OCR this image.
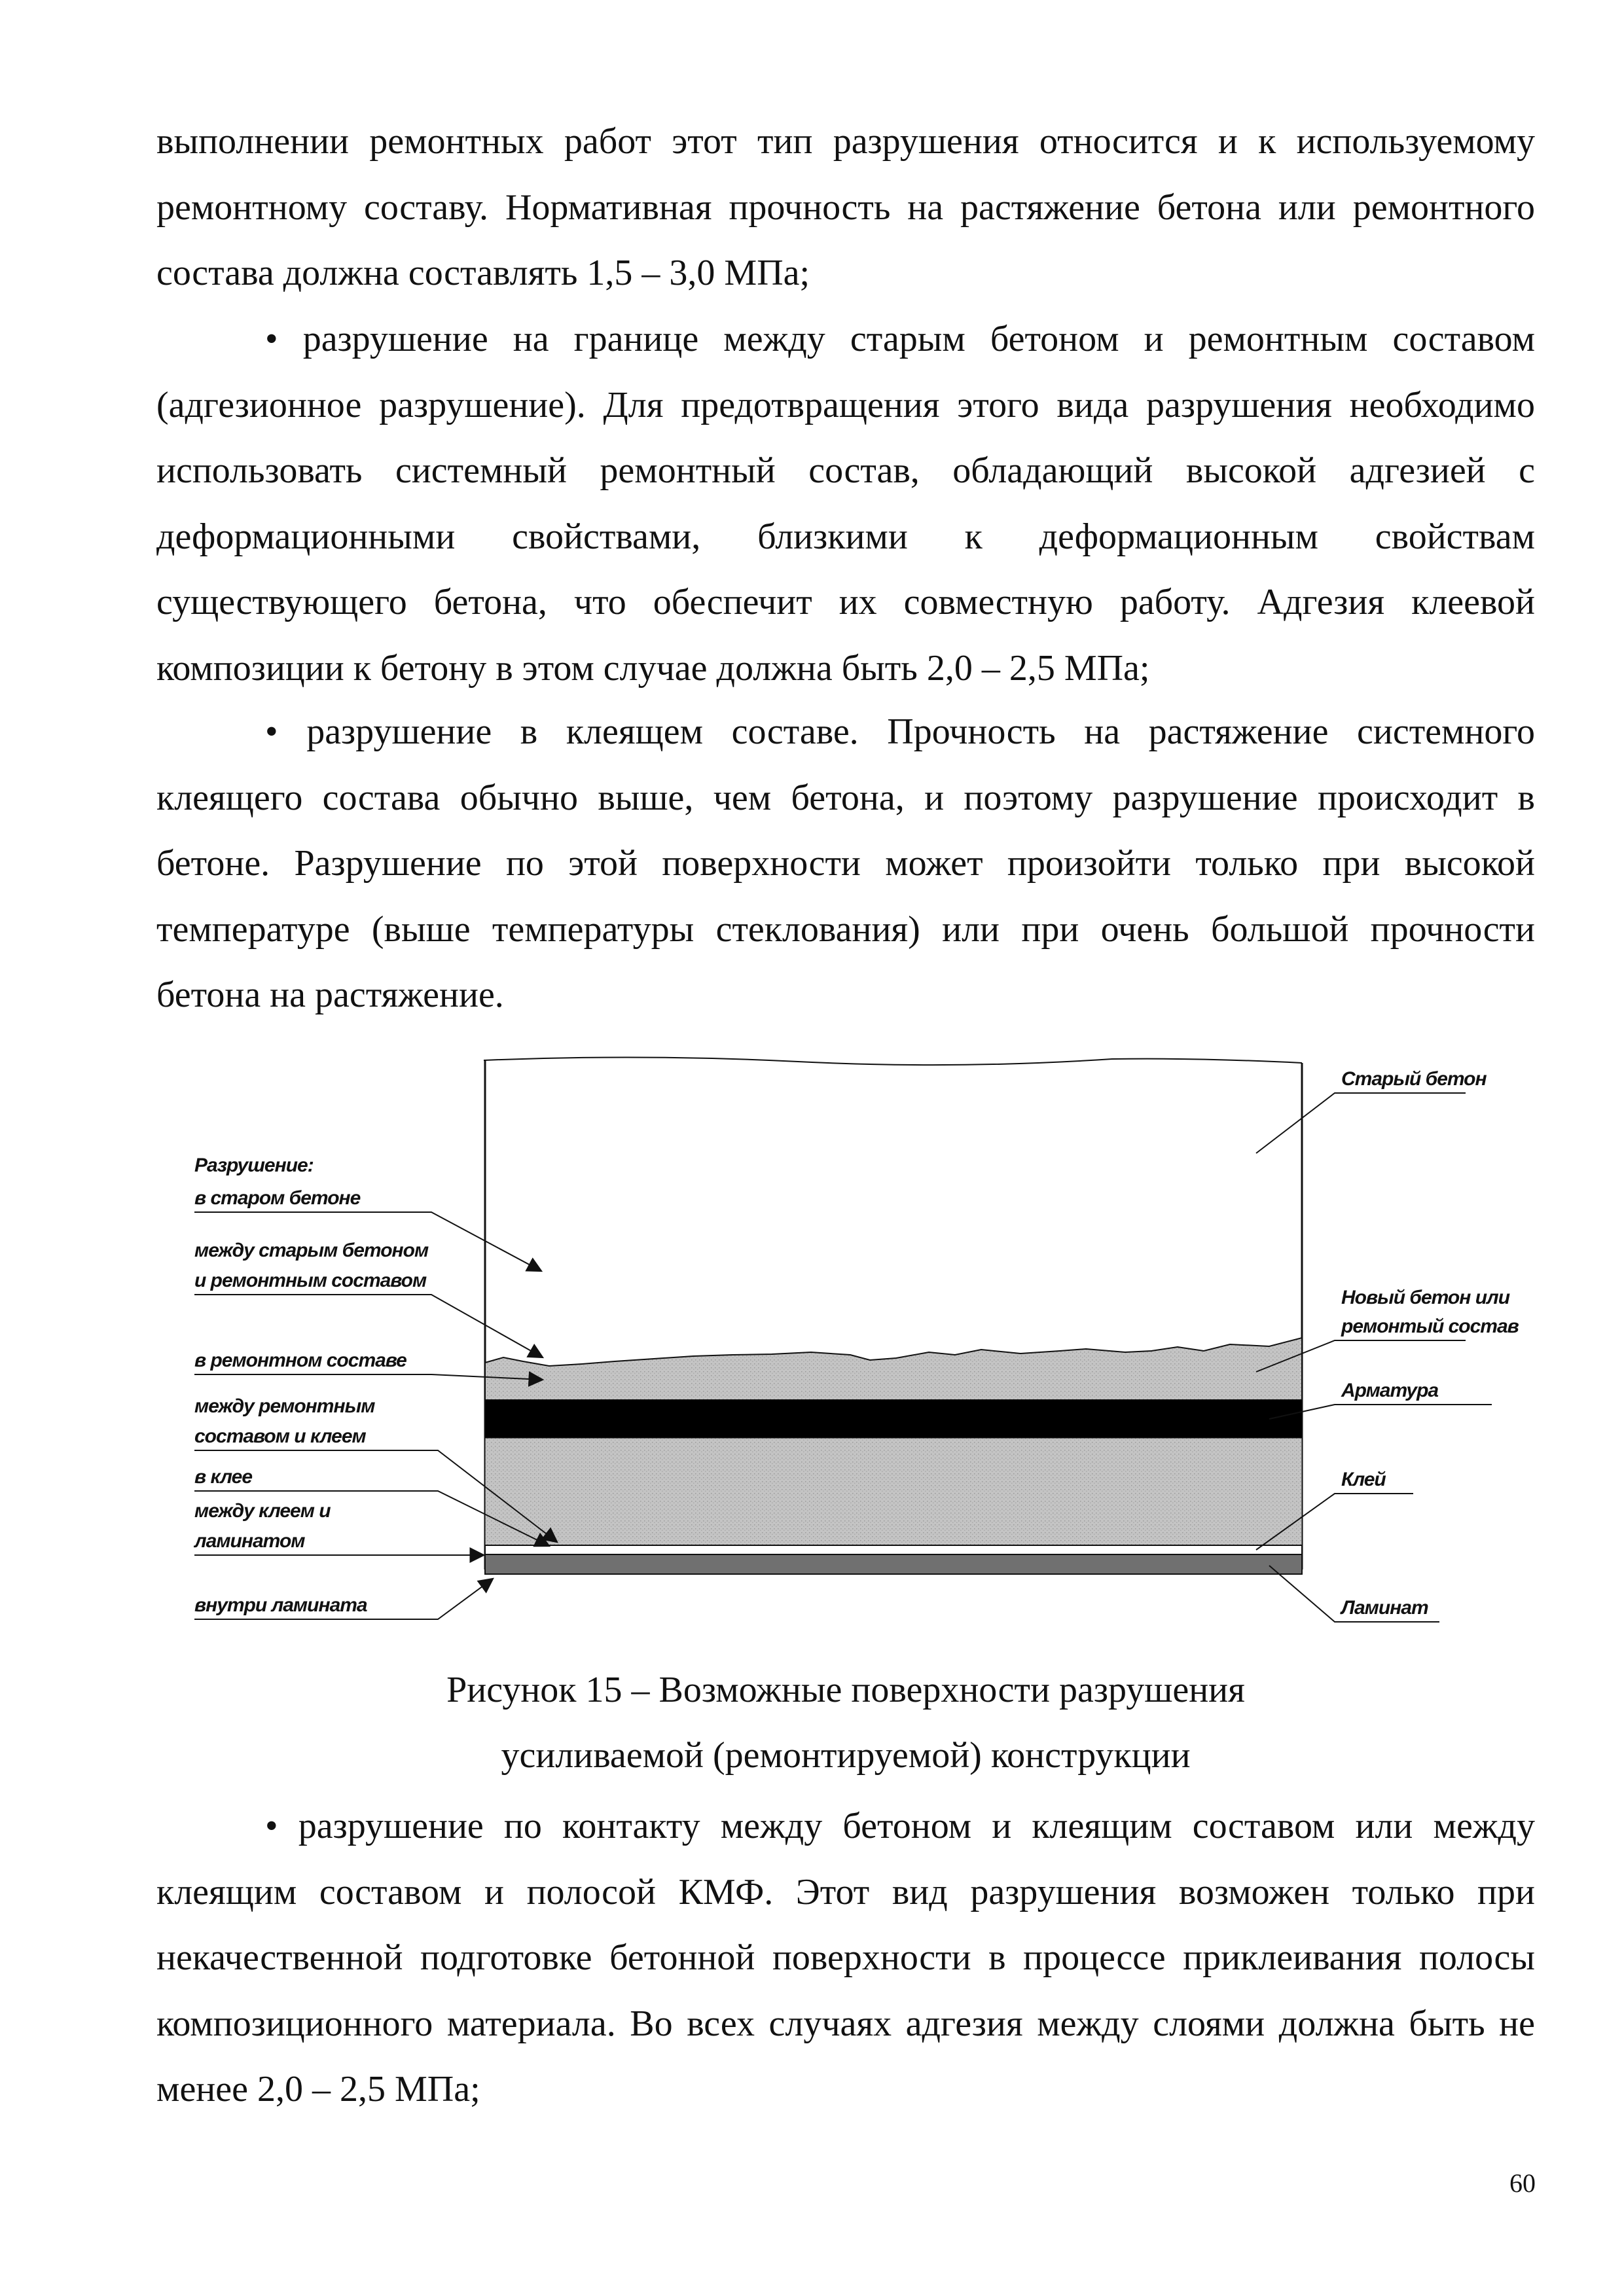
выполнении ремонтных работ этот тип разрушения относится и к используемому ремонтному составу. Нормативная прочность на растяжение бетона или ремонтного состава должна составлять 1,5 – 3,0 МПа;

• разрушение на границе между старым бетоном и ремонтным составом (адгезионное разрушение). Для предотвращения этого вида разрушения необходимо использовать системный ремонтный состав, обладающий высокой адгезией с деформационными свойствами, близкими к деформационным свойствам существующего бетона, что обеспечит их совместную работу. Адгезия клеевой композиции к бетону в этом случае должна быть 2,0 – 2,5 МПа;

• разрушение в клеящем составе. Прочность на растяжение системного клеящего состава обычно выше, чем бетона, и поэтому разрушение происходит в бетоне. Разрушение по этой поверхности может произойти только при высокой температуре (выше температуры стеклования) или при очень большой прочности бетона на растяжение.

Разрушение:
в старом бетоне
между старым бетоном
и ремонтным составом
в ремонтном составе
между ремонтным
составом и клеем
в клее
между клеем и
ламинатом
внутри ламината
Старый бетон
Новый бетон или
ремонтый состав
Арматура
Клей
Ламинат

Рисунок 15 – Возможные поверхности разрушения

усиливаемой (ремонтируемой) конструкции

• разрушение по контакту между бетоном и клеящим составом или между клеящим составом и полосой КМФ. Этот вид разрушения возможен только при некачественной подготовке бетонной поверхности в процессе приклеивания полосы композиционного материала. Во всех случаях адгезия между слоями должна быть не менее 2,0 – 2,5 МПа;

60
